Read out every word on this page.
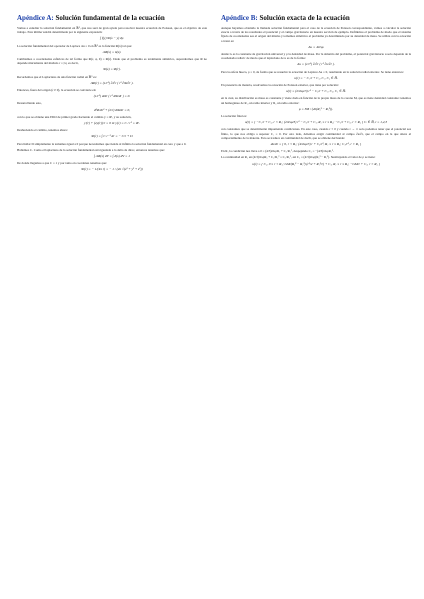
Apéndice A: Solución fundamental de la ecuación

Vamos a estudiar la solución fundamental en ℝ³, que nos será de gran ayuda para resolver nuestra ecuación de Poisson, que es el objetivo de este trabajo. Esta última vendrá determinada por la siguiente expresión:

∫ f(y) Φ(x − y) dy.

La solución fundamental del operador de Laplace Δu = 0 en ℝ³ es la función Φ(x) tal que:

ΔΦ(x) = δ(x).

Cambiamos a coordenadas esféricas de tal forma que Φ(r, φ, θ) = Φ(r). Dado que el problema es totalmente simétrico, supondremos que Φ no depende únicamente del módulo r = |x|, es decir,

Φ(x) = Φ(r).

Recordemos que el Laplaciano de una función radial en ℝ³ es:

ΔΦ(r) = (1/r²) ∂/∂r ( r² ∂Φ/∂r ).

Entonces, fuera del origen (r ≠ 0), la ecuación se convierte en:

(1/r²) d/dr ( r² dΦ/dr ) = 0.

Desarrollando esto,

d²Φ/dr² + (2/r) dΦ/dr = 0,

con lo que se obtiene una EDO de primer grado haciendo el cambio y = Φ′, y su solución,

y′(r) + (2y(r))/r = 0 ⇒ y(r) = C / r² = Φ′.

Deshaciendo el cambio, tenemos ahora:

Φ(r) = ∫ C r⁻² dr = − C/r + D

Para hallar D simplemente la tomamos igual a 0 porque necesitamos que tienda al infinito la solución fundamental en cero y que a 0.

Hallemos C. Como el laplaciano de la solución fundamental está igualada a la delta de dirac, entonces tenemos que:

∫ ΔΦ(x) dV = ∫ δ(x) dV = 1

De donde llegamos a que C = 1 y por tanto en coordenas tenemos que:

Φ(r) = − 1/(4π r) = − 1 / (4π √(x² + y² + z²))
Apéndice B: Solución exacta de la ecuación

Aunque hayamos obtenido la llamada solución fundamental para el caso de la ecuación de Poisson correspondiente, vamos a calcular la solución exacta a través de los resultados el potencial y el campo gravitatorio en nuestra sección de ejemplo. Definimos el problema de modo que el sistema fijado de coordenadas sea el origen del mismo y tomamos simétrico el problema ya determinado por su densidad de masa. Se utiliza con la ecuación a tratar es:

Δu = 4πGρ

donde G es la constante de gravitación universal y ρ la densidad de masa. Por la simetría del problema, el potencial gravitatorio u solo depende de la coordenada radial r de modo que el laplaciano de u es de la forma:

Δu = (1/r²) ∂/∂r ( r² ∂u/∂r ).

Para la esfera hueca, ρ = 0, de forma que se resuelve la ecuación de Laplace Δu = 0, resultando en la solución radial exterior. Se tiene entonces:

u(r) = − C₁/r + C₂, C₁, C₂ ∈ ℝ.

En presencia de materia, resolvemos la ecuación de Poisson exterior, que tiene por solución:

u(r) = (2πGρ/3) r² − C₃/r + C₄, C₃, C₄ ∈ ℝ.

en la cual, su distribución es masa es constante y viene dada en función de la propia masa de la corona M, que es tiene densidad constante: tenemos un homogéneo de R₁, un radio interior y R₂ un radio exterior:

ρ = 3M / (4π(R₂³ − R₁³)).

La solución final es:

u(r) = { −C₁/r + C₂, r < R₁; (2πGρ/3) r² − C₃/r + C₄, R₁ ≤ r ≤ R₂; −C₅/r + C₆, r > R₂ } Cᵢ ∈ ℝ, i = 1,2,3

con constantes que se determinarán imponiendo condiciones. En este caso, cuando r < 0 y cuando r → ∞ solo podemos tener que el potencial sea finito, lo que nos obliga a suponer C₁ = 0. Por otro lado, debemos exigir continuidad al campo ∂u/∂r, que el campo en la que altera al comportamiento de la materia. Esto se traduce en continuidad de du/dr, que se obtiene derivando:

du/dr = { 0, r < R₁; (4πGρ/3) r + C₃/r², R₁ ≤ r ≤ R₂; C₅/r², r > R₂ }

En R₁ la condición nos lleva a 0 = (4/3)πGρR₁ + C₃/R₁², despejando C₃ = −(4/3)πGρR₁³.

La continuidad en R₂ en (4/3)πGρR₂ + C₃/R₂² = C₅/R₂², así C₅ = (4/3)πGρ(R₂³ − R₁³). Sustituyendo el valor de ρ se tiene:

u(r) = { C₂, 0 ≤ r < R₁; GM/(R₂³ − R₁³) (r²/2 + R₁³/r) + C₄, R₁ ≤ r ≤ R₂; −GM/r + C₆, r > R₂ }
